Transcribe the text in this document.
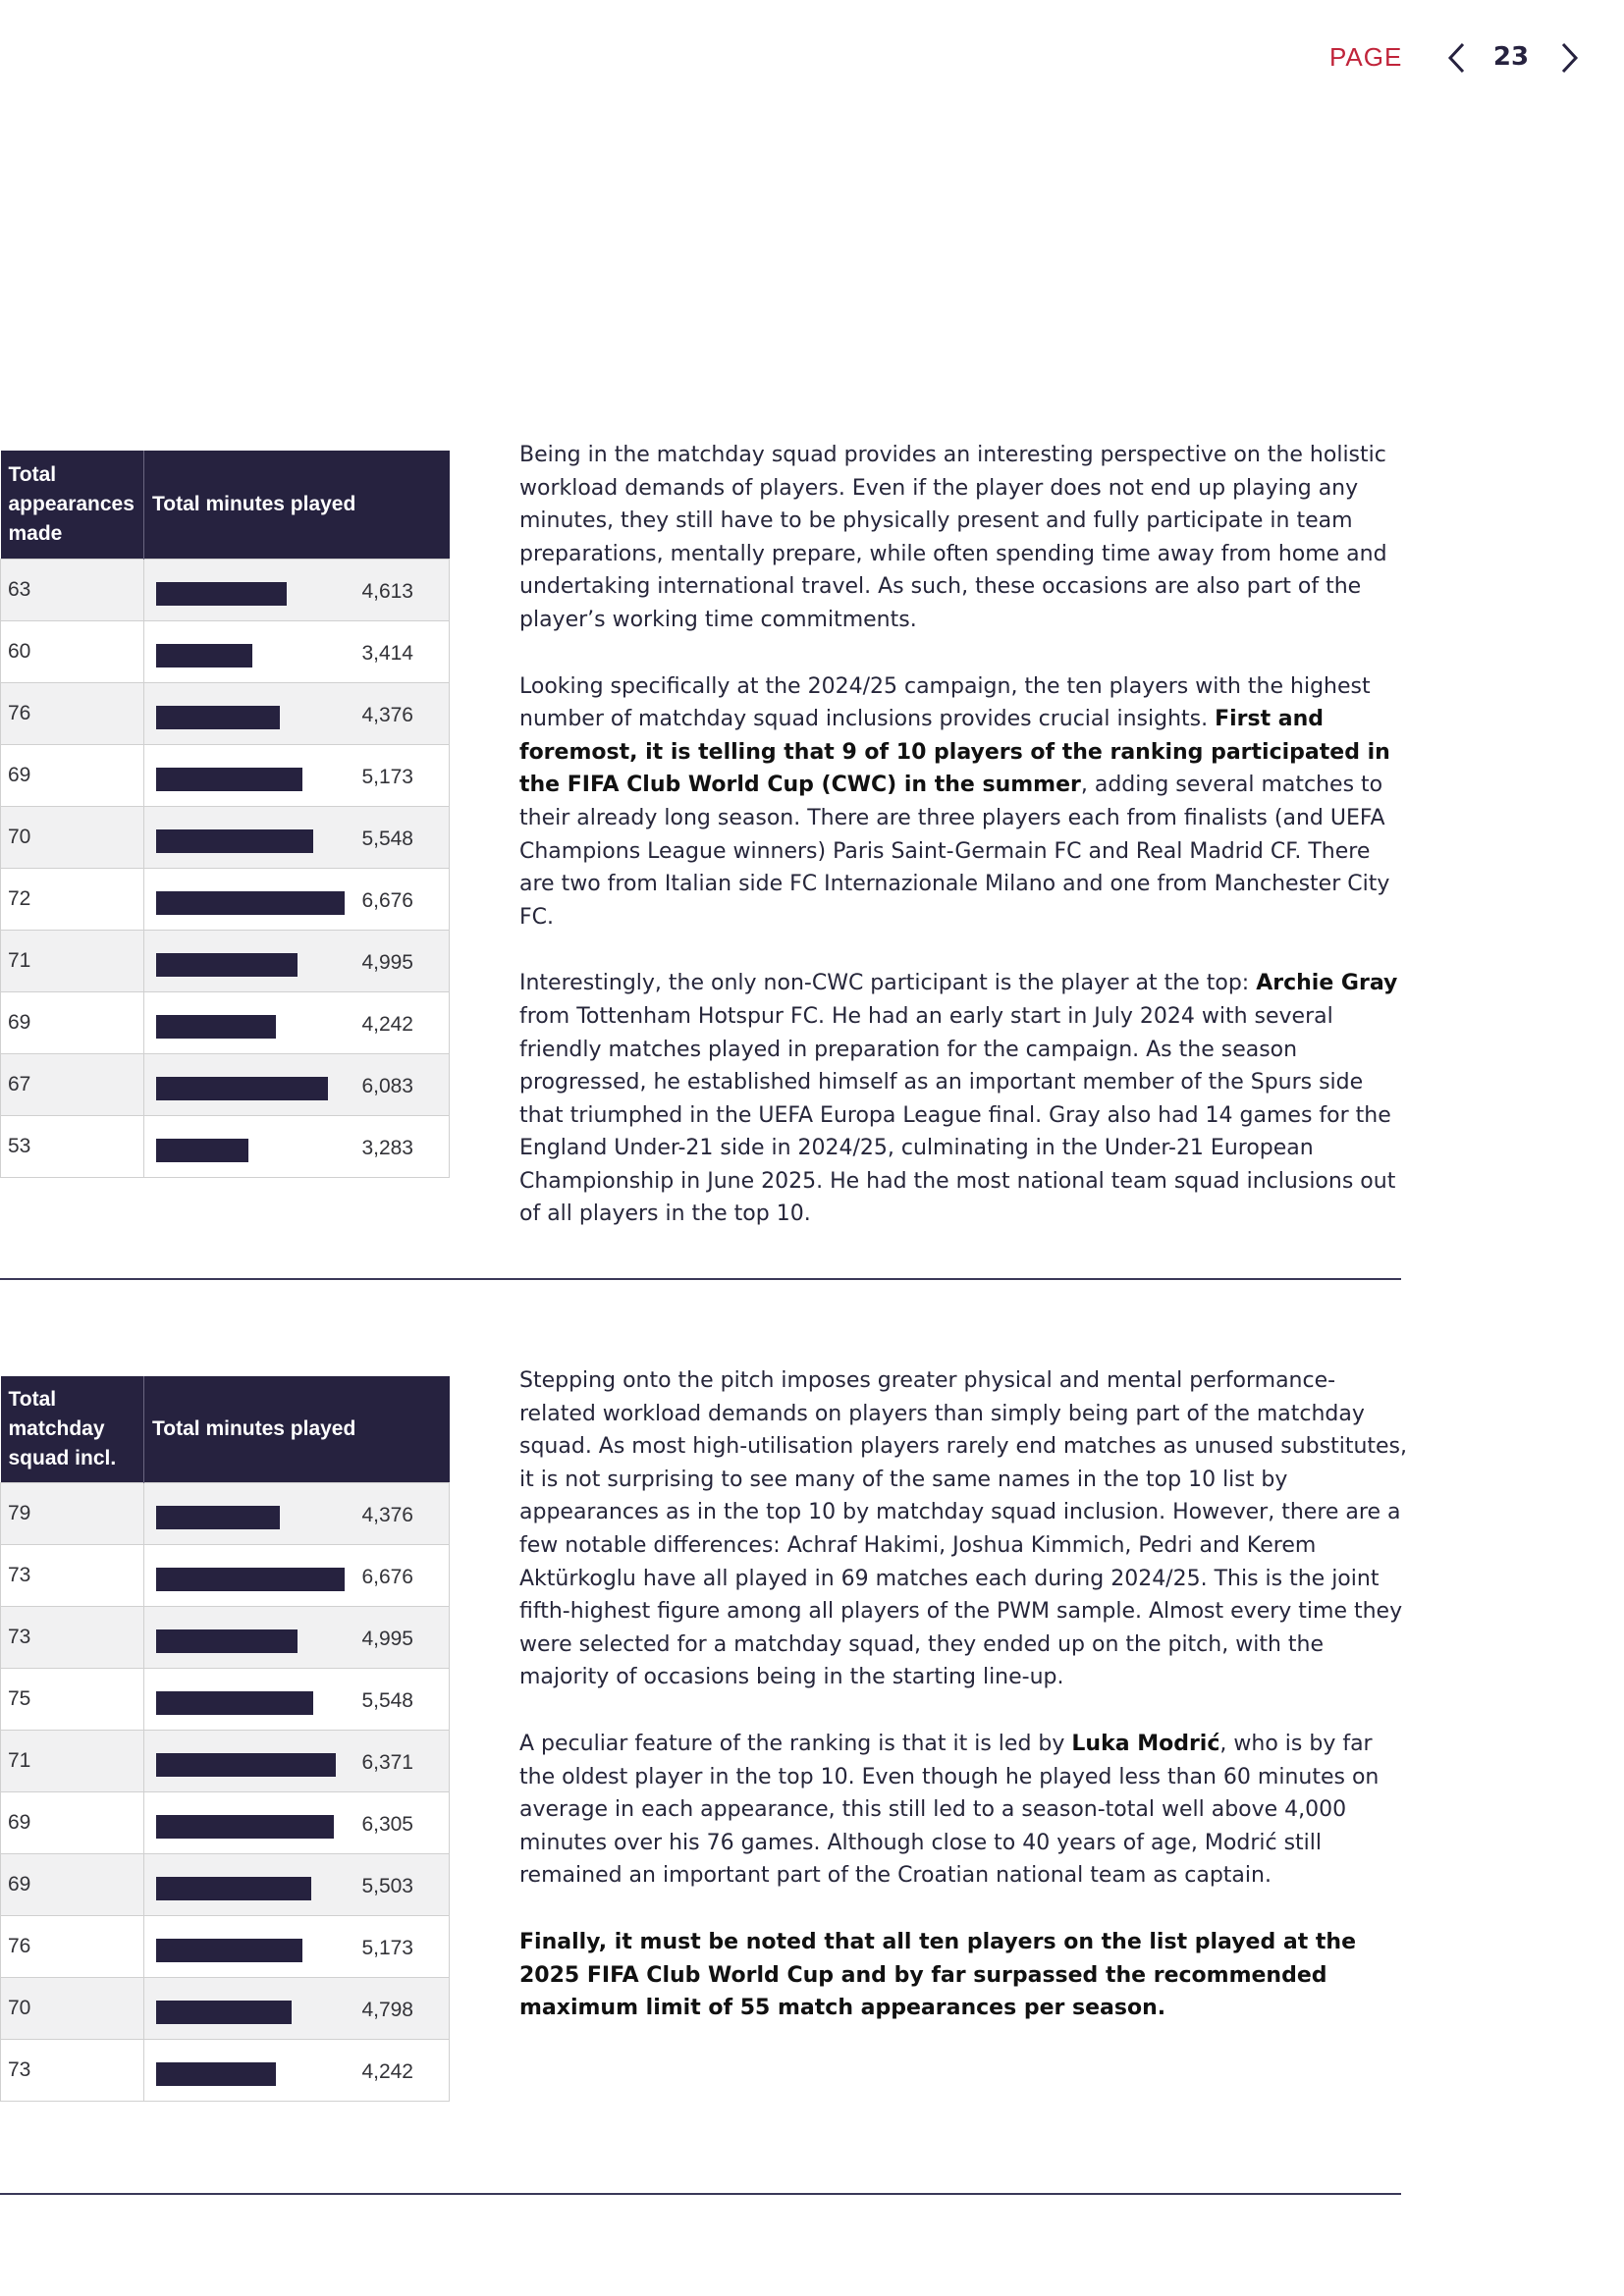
PAGE	23
Total appearances made	Total minutes played
63	4,613

60	3,414

76	4,376

69	5,173

70	5,548

72	6,676

71	4,995

69	4,242

67	6,083

53	3,283

Being in the matchday squad provides an interesting perspective on the holistic workload demands of players. Even if the player does not end up playing any minutes, they still have to be physically present and fully participate in team preparations, mentally prepare, while often spending time away from home and undertaking international travel. As such, these occasions are also part of the player’s working time commitments.

Looking specifically at the 2024/25 campaign, the ten players with the highest number of matchday squad inclusions provides crucial insights. First and foremost, it is telling that 9 of 10 players of the ranking participated in the FIFA Club World Cup (CWC) in the summer, adding several matches to their already long season. There are three players each from finalists (and UEFA Champions League winners) Paris Saint-Germain FC and Real Madrid CF. There are two from Italian side FC Internazionale Milano and one from Manchester City FC.

Interestingly, the only non-CWC participant is the player at the top: Archie Gray from Tottenham Hotspur FC. He had an early start in July 2024 with several friendly matches played in preparation for the campaign. As the season progressed, he established himself as an important member of the Spurs side that triumphed in the UEFA Europa League final. Gray also had 14 games for the England Under-21 side in 2024/25, culminating in the Under-21 European Championship in June 2025. He had the most national team squad inclusions out of all players in the top 10.

Total matchday squad incl.	Total minutes played
79	4,376

73	6,676

73	4,995

75	5,548

71	6,371

69	6,305

69	5,503

76	5,173

70	4,798

73	4,242

Stepping onto the pitch imposes greater physical and mental performance-related workload demands on players than simply being part of the matchday squad. As most high-utilisation players rarely end matches as unused substitutes, it is not surprising to see many of the same names in the top 10 list by appearances as in the top 10 by matchday squad inclusion. However, there are a few notable differences: Achraf Hakimi, Joshua Kimmich, Pedri and Kerem Aktürkoglu have all played in 69 matches each during 2024/25. This is the joint fifth-highest figure among all players of the PWM sample. Almost every time they were selected for a matchday squad, they ended up on the pitch, with the majority of occasions being in the starting line-up.

A peculiar feature of the ranking is that it is led by Luka Modrić, who is by far the oldest player in the top 10. Even though he played less than 60 minutes on average in each appearance, this still led to a season-total well above 4,000 minutes over his 76 games. Although close to 40 years of age, Modrić still remained an important part of the Croatian national team as captain.

Finally, it must be noted that all ten players on the list played at the 2025 FIFA Club World Cup and by far surpassed the recommended maximum limit of 55 match appearances per season.
